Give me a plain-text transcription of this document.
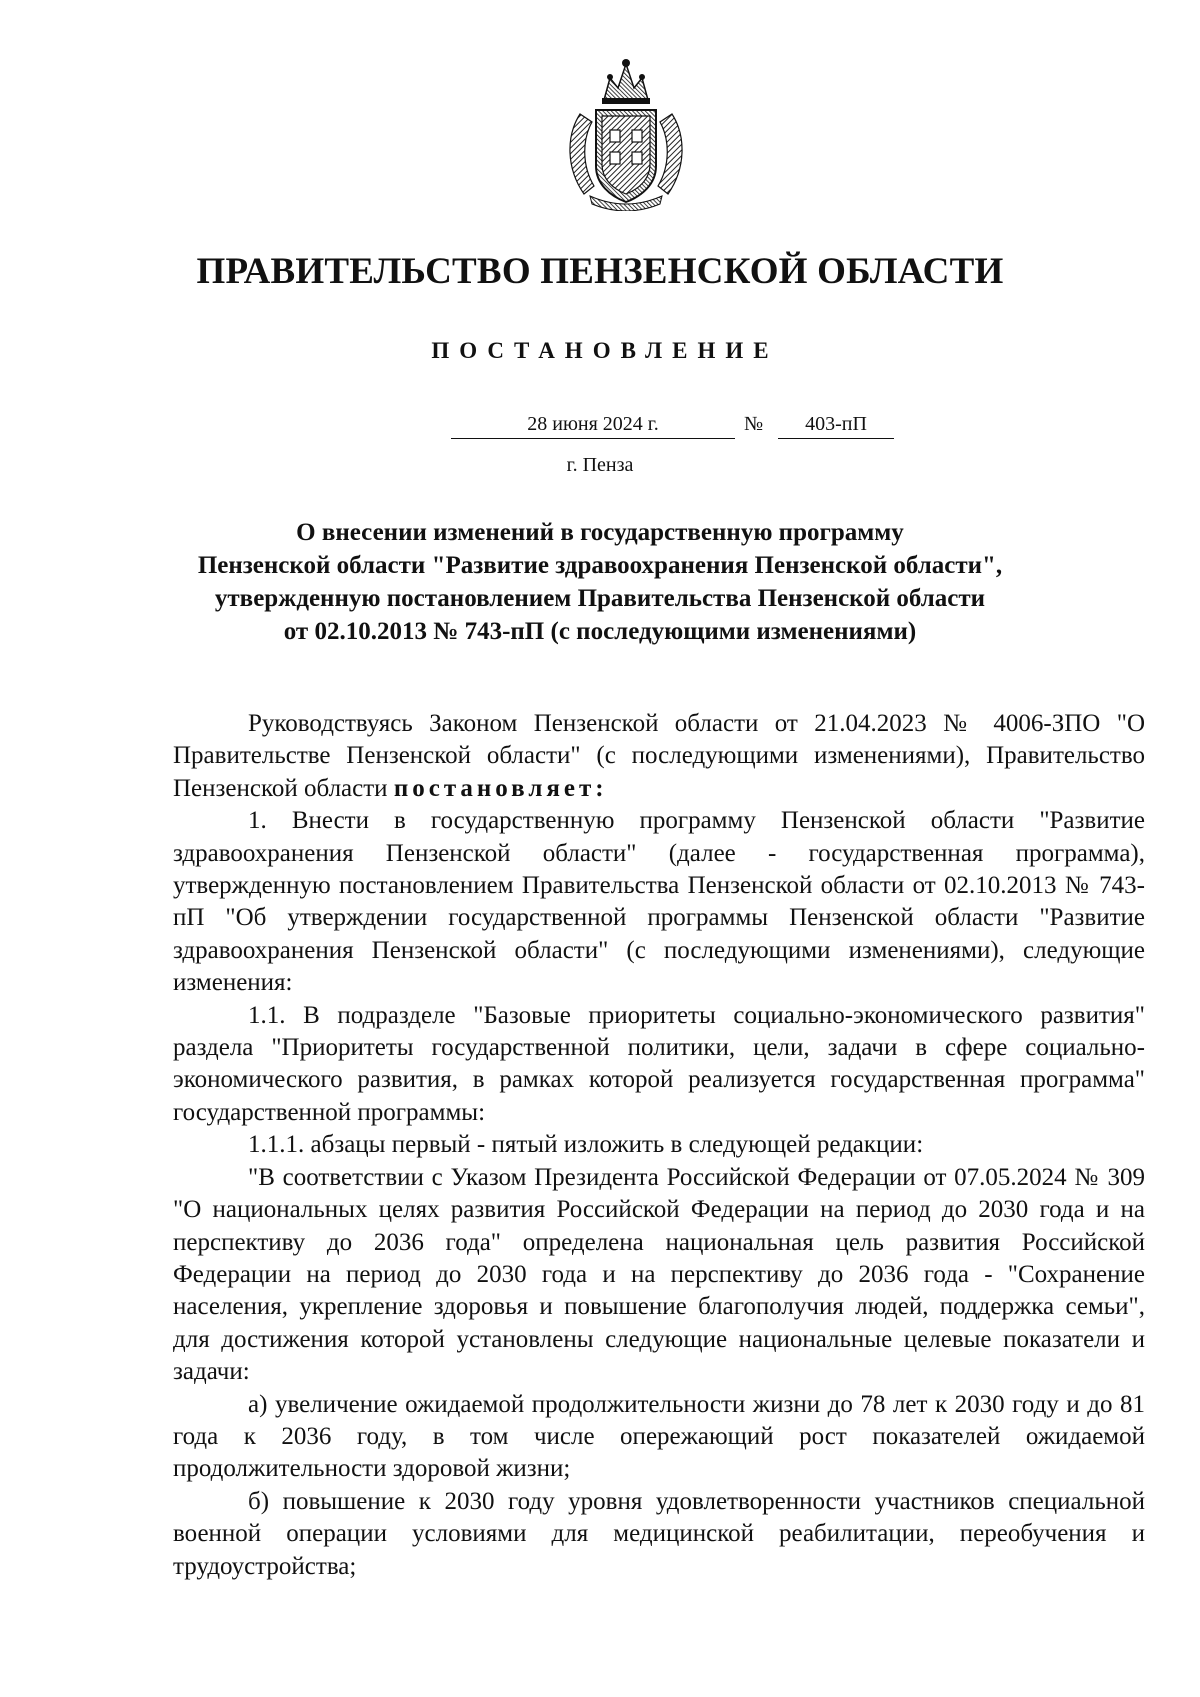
ПРАВИТЕЛЬСТВО ПЕНЗЕНСКОЙ ОБЛАСТИ
ПОСТАНОВЛЕНИЕ
28 июня 2024 г.	№	403-пП
г. Пенза
О внесении изменений в государственную программу
Пензенской области "Развитие здравоохранения Пензенской области",
утвержденную постановлением Правительства Пензенской области
от 02.10.2013 № 743-пП (с последующими изменениями)

Руководствуясь Законом Пензенской области от 21.04.2023 № 4006-ЗПО "О Правительстве Пензенской области" (с последующими изменениями), Правительство Пензенской области постановляет:

1. Внести в государственную программу Пензенской области "Развитие здравоохранения Пензенской области" (далее - государственная программа), утвержденную постановлением Правительства Пензенской области от 02.10.2013 № 743-пП "Об утверждении государственной программы Пензенской области "Развитие здравоохранения Пензенской области" (с последующими изменениями), следующие изменения:

1.1. В подразделе "Базовые приоритеты социально-экономического развития" раздела "Приоритеты государственной политики, цели, задачи в сфере социально-экономического развития, в рамках которой реализуется государственная программа" государственной программы:

1.1.1. абзацы первый - пятый изложить в следующей редакции:

"В соответствии с Указом Президента Российской Федерации от 07.05.2024 № 309 "О национальных целях развития Российской Федерации на период до 2030 года и на перспективу до 2036 года" определена национальная цель развития Российской Федерации на период до 2030 года и на перспективу до 2036 года - "Сохранение населения, укрепление здоровья и повышение благополучия людей, поддержка семьи", для достижения которой установлены следующие национальные целевые показатели и задачи:

а) увеличение ожидаемой продолжительности жизни до 78 лет к 2030 году и до 81 года к 2036 году, в том числе опережающий рост показателей ожидаемой продолжительности здоровой жизни;

б) повышение к 2030 году уровня удовлетворенности участников специальной военной операции условиями для медицинской реабилитации, переобучения и трудоустройства;
